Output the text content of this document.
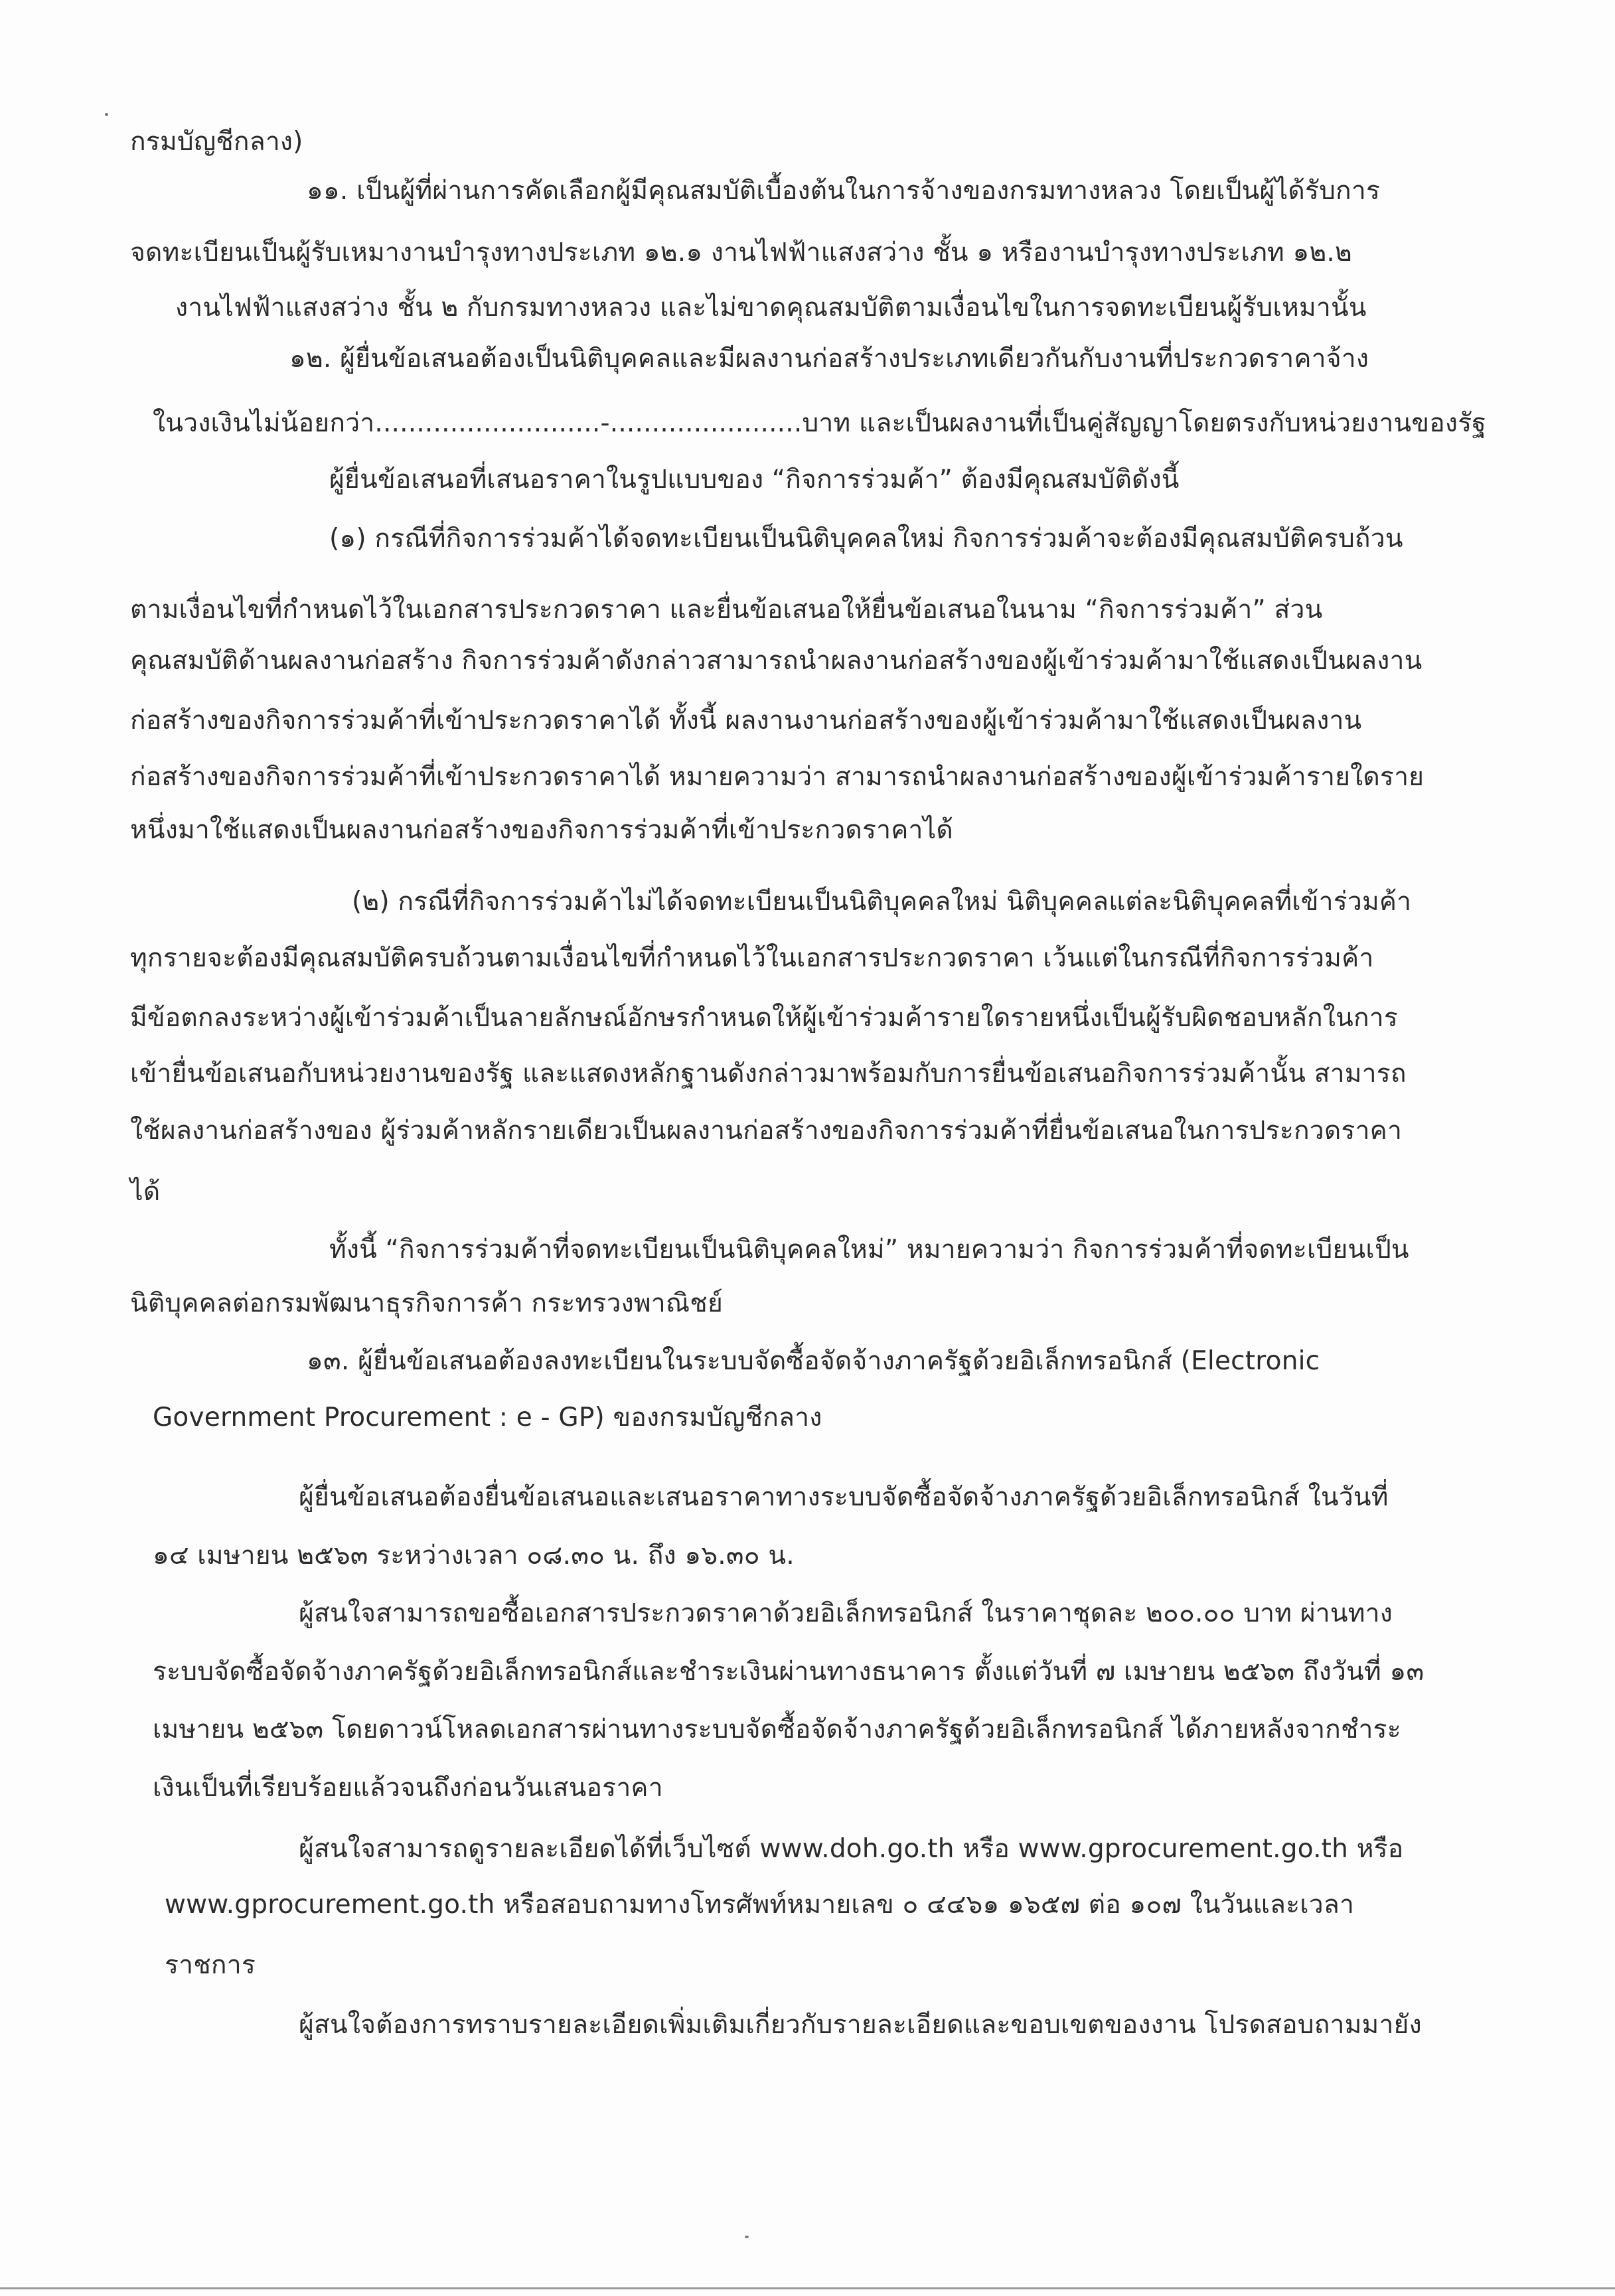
กรมบัญชีกลาง)
๑๑. เป็นผู้ที่ผ่านการคัดเลือกผู้มีคุณสมบัติเบื้องต้นในการจ้างของกรมทางหลวง โดยเป็นผู้ได้รับการ
จดทะเบียนเป็นผู้รับเหมางานบำรุงทางประเภท ๑๒.๑ งานไฟฟ้าแสงสว่าง ชั้น ๑ หรืองานบำรุงทางประเภท ๑๒.๒
งานไฟฟ้าแสงสว่าง ชั้น ๒ กับกรมทางหลวง และไม่ขาดคุณสมบัติตามเงื่อนไขในการจดทะเบียนผู้รับเหมานั้น
๑๒. ผู้ยื่นข้อเสนอต้องเป็นนิติบุคคลและมีผลงานก่อสร้างประเภทเดียวกันกับงานที่ประกวดราคาจ้าง
ในวงเงินไม่น้อยกว่า...........................-.......................บาท และเป็นผลงานที่เป็นคู่สัญญาโดยตรงกับหน่วยงานของรัฐ
ผู้ยื่นข้อเสนอที่เสนอราคาในรูปแบบของ “กิจการร่วมค้า” ต้องมีคุณสมบัติดังนี้
(๑) กรณีที่กิจการร่วมค้าได้จดทะเบียนเป็นนิติบุคคลใหม่ กิจการร่วมค้าจะต้องมีคุณสมบัติครบถ้วน
ตามเงื่อนไขที่กำหนดไว้ในเอกสารประกวดราคา และยื่นข้อเสนอให้ยื่นข้อเสนอในนาม “กิจการร่วมค้า” ส่วน
คุณสมบัติด้านผลงานก่อสร้าง กิจการร่วมค้าดังกล่าวสามารถนำผลงานก่อสร้างของผู้เข้าร่วมค้ามาใช้แสดงเป็นผลงาน
ก่อสร้างของกิจการร่วมค้าที่เข้าประกวดราคาได้ ทั้งนี้ ผลงานงานก่อสร้างของผู้เข้าร่วมค้ามาใช้แสดงเป็นผลงาน
ก่อสร้างของกิจการร่วมค้าที่เข้าประกวดราคาได้ หมายความว่า สามารถนำผลงานก่อสร้างของผู้เข้าร่วมค้ารายใดราย
หนึ่งมาใช้แสดงเป็นผลงานก่อสร้างของกิจการร่วมค้าที่เข้าประกวดราคาได้
(๒) กรณีที่กิจการร่วมค้าไม่ได้จดทะเบียนเป็นนิติบุคคลใหม่ นิติบุคคลแต่ละนิติบุคคลที่เข้าร่วมค้า
ทุกรายจะต้องมีคุณสมบัติครบถ้วนตามเงื่อนไขที่กำหนดไว้ในเอกสารประกวดราคา เว้นแต่ในกรณีที่กิจการร่วมค้า
มีข้อตกลงระหว่างผู้เข้าร่วมค้าเป็นลายลักษณ์อักษรกำหนดให้ผู้เข้าร่วมค้ารายใดรายหนึ่งเป็นผู้รับผิดชอบหลักในการ
เข้ายื่นข้อเสนอกับหน่วยงานของรัฐ และแสดงหลักฐานดังกล่าวมาพร้อมกับการยื่นข้อเสนอกิจการร่วมค้านั้น สามารถ
ใช้ผลงานก่อสร้างของ ผู้ร่วมค้าหลักรายเดียวเป็นผลงานก่อสร้างของกิจการร่วมค้าที่ยื่นข้อเสนอในการประกวดราคา
ได้
ทั้งนี้ “กิจการร่วมค้าที่จดทะเบียนเป็นนิติบุคคลใหม่” หมายความว่า กิจการร่วมค้าที่จดทะเบียนเป็น
นิติบุคคลต่อกรมพัฒนาธุรกิจการค้า กระทรวงพาณิชย์
๑๓. ผู้ยื่นข้อเสนอต้องลงทะเบียนในระบบจัดซื้อจัดจ้างภาครัฐด้วยอิเล็กทรอนิกส์ (Electronic
Government Procurement : e - GP) ของกรมบัญชีกลาง
ผู้ยื่นข้อเสนอต้องยื่นข้อเสนอและเสนอราคาทางระบบจัดซื้อจัดจ้างภาครัฐด้วยอิเล็กทรอนิกส์ ในวันที่
๑๔ เมษายน ๒๕๖๓ ระหว่างเวลา ๐๘.๓๐ น. ถึง ๑๖.๓๐ น.
ผู้สนใจสามารถขอซื้อเอกสารประกวดราคาด้วยอิเล็กทรอนิกส์ ในราคาชุดละ ๒๐๐.๐๐ บาท ผ่านทาง
ระบบจัดซื้อจัดจ้างภาครัฐด้วยอิเล็กทรอนิกส์และชำระเงินผ่านทางธนาคาร ตั้งแต่วันที่ ๗ เมษายน ๒๕๖๓ ถึงวันที่ ๑๓
เมษายน ๒๕๖๓ โดยดาวน์โหลดเอกสารผ่านทางระบบจัดซื้อจัดจ้างภาครัฐด้วยอิเล็กทรอนิกส์ ได้ภายหลังจากชำระ
เงินเป็นที่เรียบร้อยแล้วจนถึงก่อนวันเสนอราคา
ผู้สนใจสามารถดูรายละเอียดได้ที่เว็บไซต์ www.doh.go.th หรือ www.gprocurement.go.th หรือ
www.gprocurement.go.th หรือสอบถามทางโทรศัพท์หมายเลข ๐ ๔๔๖๑ ๑๖๕๗ ต่อ ๑๐๗ ในวันและเวลา
ราชการ
ผู้สนใจต้องการทราบรายละเอียดเพิ่มเติมเกี่ยวกับรายละเอียดและขอบเขตของงาน โปรดสอบถามมายัง
